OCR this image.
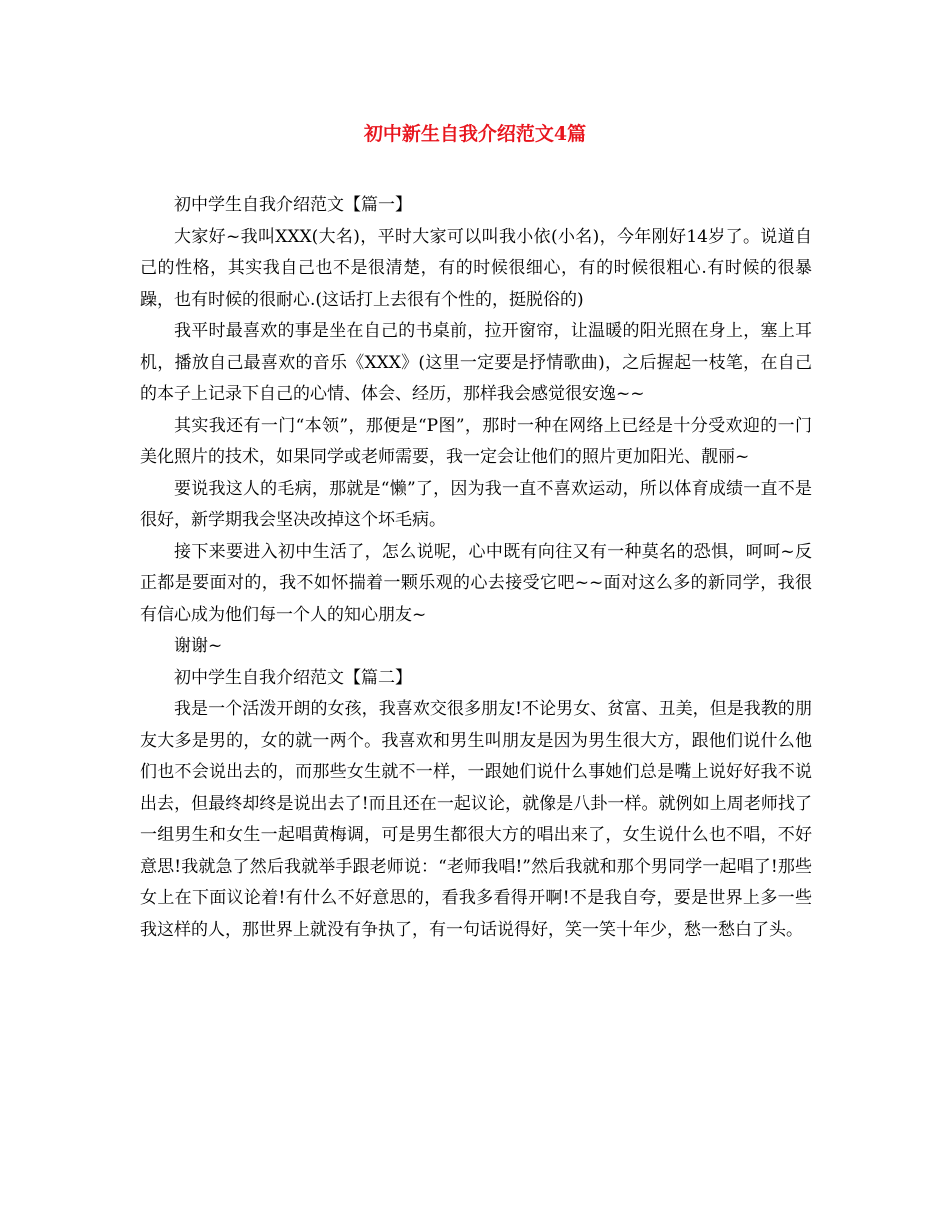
初中新生自我介绍范文4篇

初中学生自我介绍范文【篇一】

大家好~我叫XXX(大名)，平时大家可以叫我小依(小名)，今年刚好14岁了。说道自己的性格，其实我自己也不是很清楚，有的时候很细心，有的时候很粗心.有时候的很暴躁，也有时候的很耐心.(这话打上去很有个性的，挺脱俗的)

我平时最喜欢的事是坐在自己的书桌前，拉开窗帘，让温暖的阳光照在身上，塞上耳机，播放自己最喜欢的音乐《XXX》(这里一定要是抒情歌曲)，之后握起一枝笔，在自己的本子上记录下自己的心情、体会、经历，那样我会感觉很安逸~~

其实我还有一门“本领”，那便是“P图”，那时一种在网络上已经是十分受欢迎的一门美化照片的技术，如果同学或老师需要，我一定会让他们的照片更加阳光、靓丽~

要说我这人的毛病，那就是“懒”了，因为我一直不喜欢运动，所以体育成绩一直不是很好，新学期我会坚决改掉这个坏毛病。

接下来要进入初中生活了，怎么说呢，心中既有向往又有一种莫名的恐惧，呵呵~反正都是要面对的，我不如怀揣着一颗乐观的心去接受它吧~~面对这么多的新同学，我很有信心成为他们每一个人的知心朋友~

谢谢~

初中学生自我介绍范文【篇二】

我是一个活泼开朗的女孩，我喜欢交很多朋友!不论男女、贫富、丑美，但是我教的朋友大多是男的，女的就一两个。我喜欢和男生叫朋友是因为男生很大方，跟他们说什么他们也不会说出去的，而那些女生就不一样，一跟她们说什么事她们总是嘴上说好好我不说出去，但最终却终是说出去了!而且还在一起议论，就像是八卦一样。就例如上周老师找了一组男生和女生一起唱黄梅调，可是男生都很大方的唱出来了，女生说什么也不唱，不好意思!我就急了然后我就举手跟老师说：“老师我唱!”然后我就和那个男同学一起唱了!那些女上在下面议论着!有什么不好意思的，看我多看得开啊!不是我自夸，要是世界上多一些我这样的人，那世界上就没有争执了，有一句话说得好，笑一笑十年少，愁一愁白了头。
